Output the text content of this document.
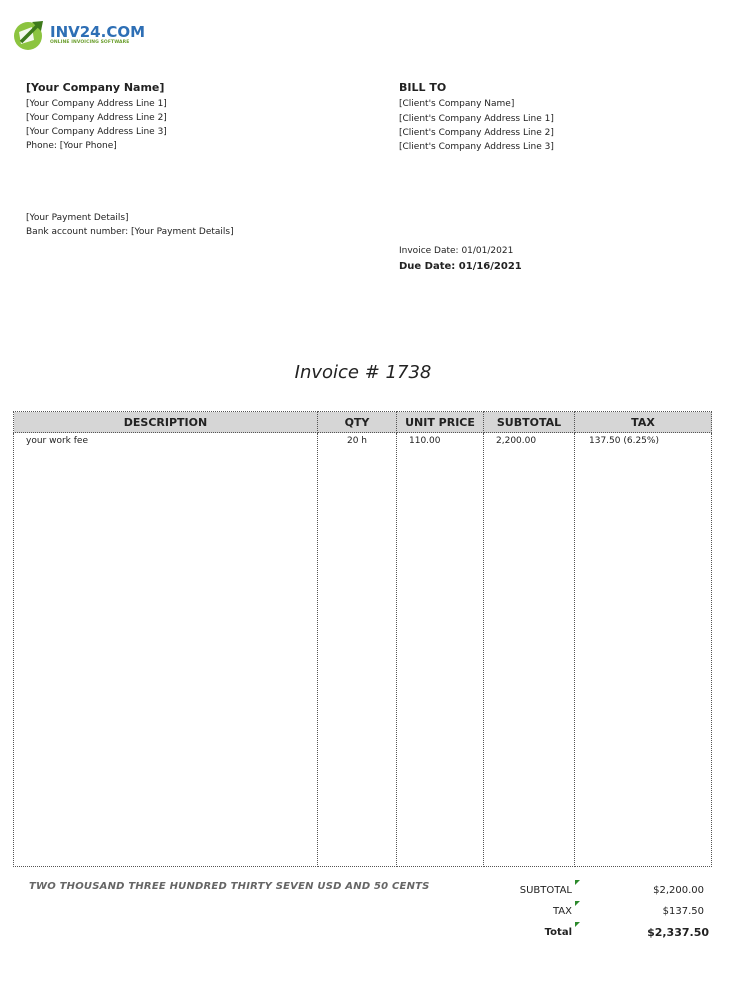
INV24.COM
ONLINE INVOICING SOFTWARE
[Your Company Name]
[Your Company Address Line 1]
[Your Company Address Line 2]
[Your Company Address Line 3]
Phone: [Your Phone]
[Your Payment Details]
Bank account number: [Your Payment Details]
BILL TO
[Client's Company Name]
[Client's Company Address Line 1]
[Client's Company Address Line 2]
[Client's Company Address Line 3]
Invoice Date: 01/01/2021
Due Date: 01/16/2021
Invoice # 1738
DESCRIPTION	QTY	UNIT PRICE	SUBTOTAL	TAX
your work fee	20 h	110.00	2,200.00	137.50 (6.25%)
TWO THOUSAND THREE HUNDRED THIRTY SEVEN USD AND 50 CENTS	SUBTOTAL	$2,200.00
TAX	$137.50
Total	$2,337.50
